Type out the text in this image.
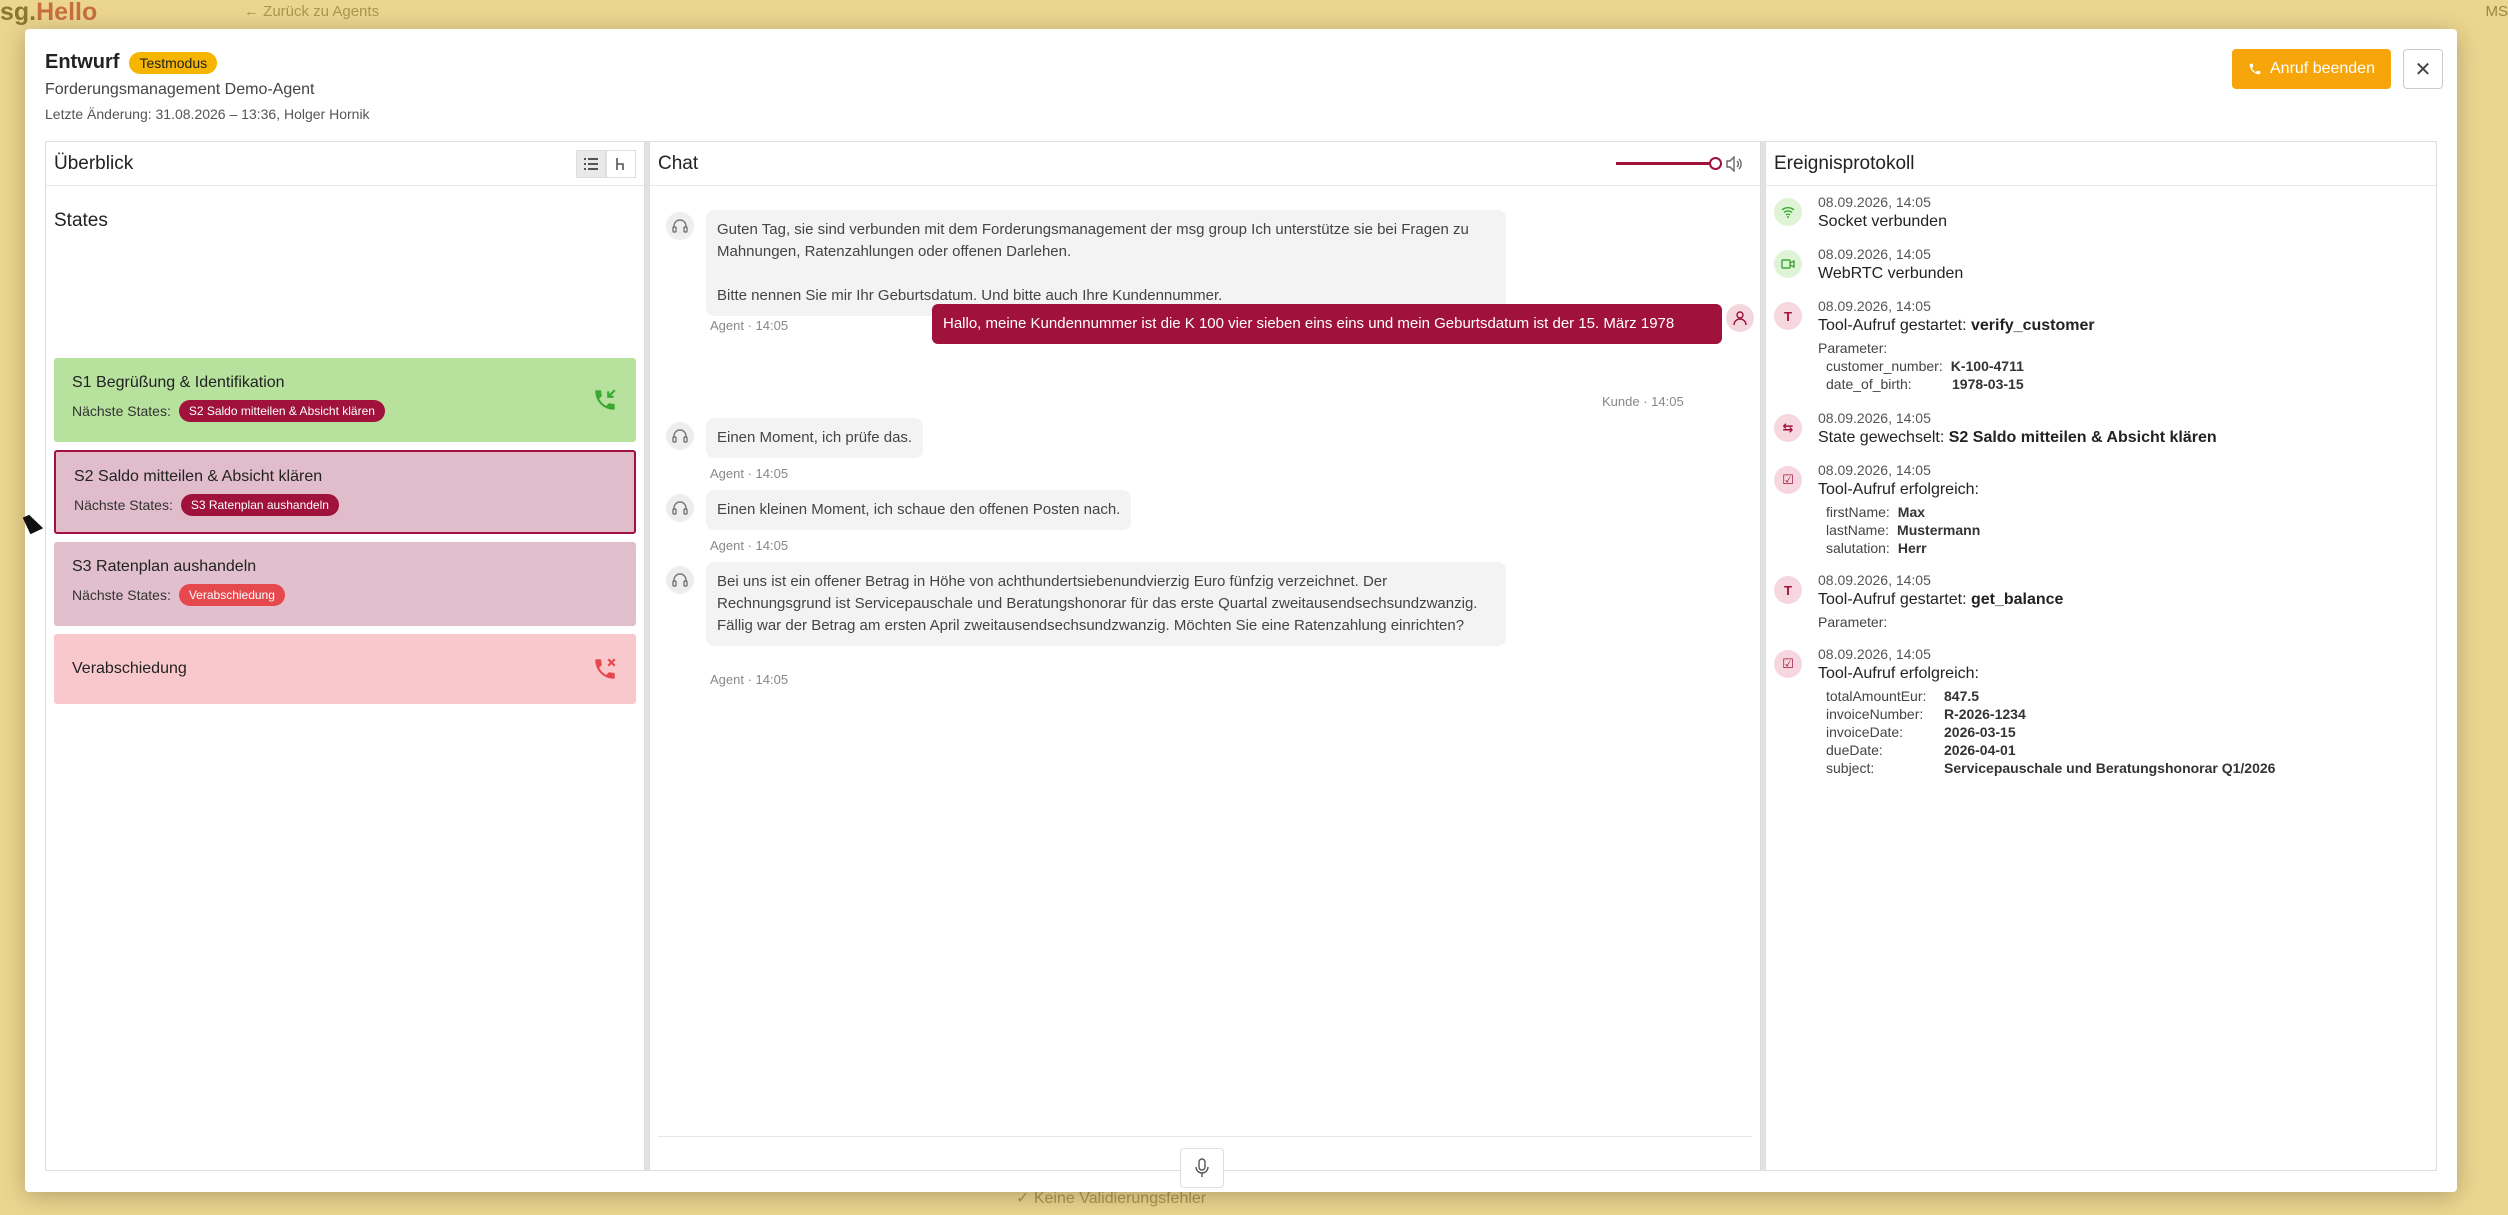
Entwurf	Testmodus
Forderungsmanagement Demo-Agent
Letzte Änderung: 31.08.2026 – 13:36, Holger Hornik
Anruf beenden ✕
Überblick
States
S1 Begrüßung & Identifikation
Nächste States:	S2 Saldo mitteilen & Absicht klären
S2 Saldo mitteilen & Absicht klären
Nächste States:	S3 Ratenplan aushandeln
S3 Ratenplan aushandeln
Nächste States:	Verabschiedung
Verabschiedung
Chat
Guten Tag, sie sind verbunden mit dem Forderungsmanagement der msg group Ich unterstütze sie bei Fragen zu Mahnungen, Ratenzahlungen oder offenen Darlehen.

Bitte nennen Sie mir Ihr Geburtsdatum. Und bitte auch Ihre Kundennummer.
Agent · 14:05	Hallo, meine Kundennummer ist die K 100 vier sieben eins eins und mein Geburtsdatum ist der 15. März 1978
Kunde · 14:05
Einen Moment, ich prüfe das.
Agent · 14:05
Einen kleinen Moment, ich schaue den offenen Posten nach.
Agent · 14:05
Bei uns ist ein offener Betrag in Höhe von achthundertsiebenundvierzig Euro fünfzig verzeichnet. Der Rechnungsgrund ist Servicepauschale und Beratungshonorar für das erste Quartal zweitausendsechsundzwanzig. Fällig war der Betrag am ersten April zweitausendsechsundzwanzig. Möchten Sie eine Ratenzahlung einrichten?
Agent · 14:05
Ereignisprotokoll
08.09.2026, 14:05
Socket verbunden
08.09.2026, 14:05
WebRTC verbunden
T
08.09.2026, 14:05
Tool-Aufruf gestartet: verify_customer
Parameter:
customer_number: K-100-4711
date_of_birth:	1978-03-15
⇆
08.09.2026, 14:05
State gewechselt: S2 Saldo mitteilen & Absicht klären
☑
08.09.2026, 14:05
Tool-Aufruf erfolgreich:
firstName: Max
lastName: Mustermann
salutation: Herr
T
08.09.2026, 14:05
Tool-Aufruf gestartet: get_balance
Parameter:
☑
08.09.2026, 14:05
Tool-Aufruf erfolgreich:
totalAmountEur:	847.5
invoiceNumber:	R-2026-1234
invoiceDate:	2026-03-15
dueDate:	2026-04-01
subject:	Servicepauschale und Beratungshonorar Q1/2026
